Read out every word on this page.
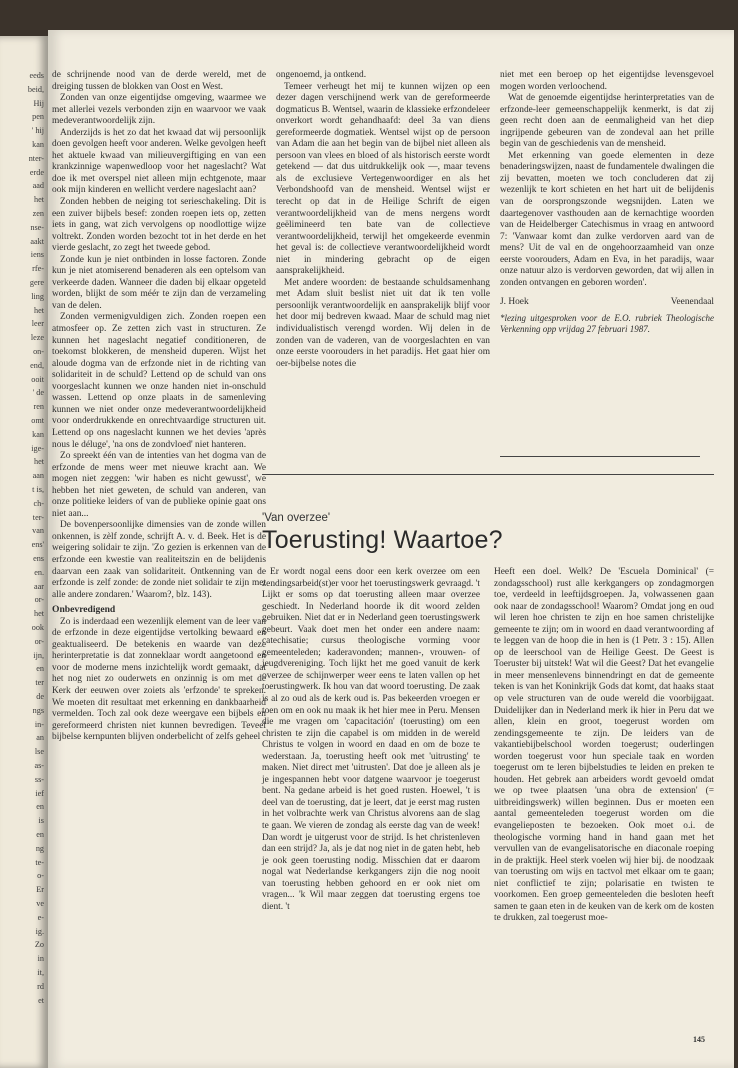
eeds
beid,
Hij
pen
' hij
kan
nter-
erde
aad
het
zen
nse-
aakt
iens
rfe-
gere
ling
het
leer
leze
on-
end,
ooit
' de
ren
omt
kan
ige-
het
aan
t is,
ch-
ter-
van
ens'
ens
en.
aar
or-
het
ook
or-
ijn,
en
ter
de
ngs
in-
an
lse
as-
ss-
ief
en
is
en
ng
te-
o-
Er
ve
e-
ig.
Zo
in
it,
rd
et

de schrijnende nood van de derde wereld, met de dreiging tussen de blokken van Oost en West.

Zonden van onze eigentijdse omgeving, waarmee we met allerlei vezels verbonden zijn en waarvoor we vaak medeverantwoordelijk zijn.

Anderzijds is het zo dat het kwaad dat wij persoonlijk doen gevolgen heeft voor anderen. Welke gevolgen heeft het aktuele kwaad van milieuvergiftiging en van een krankzinnige wapenwedloop voor het nageslacht? Wat doe ik met overspel niet alleen mijn echtgenote, maar ook mijn kinderen en wellicht verdere nageslacht aan?

Zonden hebben de neiging tot serieschakeling. Dit is een zuiver bijbels besef: zonden roepen iets op, zetten iets in gang, wat zich vervolgens op noodlottige wijze voltrekt. Zonden worden bezocht tot in het derde en het vierde geslacht, zo zegt het tweede gebod.

Zonde kun je niet ontbinden in losse factoren. Zonde kun je niet atomiserend benaderen als een optelsom van verkeerde daden. Wanneer die daden bij elkaar opgeteld worden, blijkt de som méér te zijn dan de verzameling van de delen.

Zonden vermenigvuldigen zich. Zonden roepen een atmosfeer op. Ze zetten zich vast in structuren. Ze kunnen het nageslacht negatief conditioneren, de toekomst blokkeren, de mensheid duperen. Wijst het aloude dogma van de erfzonde niet in de richting van solidariteit in de schuld? Lettend op de schuld van ons voorgeslacht kunnen we onze handen niet in-onschuld wassen. Lettend op onze plaats in de samenleving kunnen we niet onder onze medeverantwoordelijkheid voor onderdrukkende en onrechtvaardige structuren uit. Lettend op ons nageslacht kunnen we het devies 'après nous le déluge', 'na ons de zondvloed' niet hanteren.

Zo spreekt één van de intenties van het dogma van de erfzonde de mens weer met nieuwe kracht aan. We mogen niet zeggen: 'wir haben es nicht gewusst', we hebben het niet geweten, de schuld van anderen, van onze politieke leiders of van de publieke opinie gaat ons niet aan...

De bovenpersoonlijke dimensies van de zonde willen onkennen, is zèlf zonde, schrijft A. v. d. Beek. Het is de weigering solidair te zijn. 'Zo gezien is erkennen van de erfzonde een kwestie van realiteitszin en de belijdenis daarvan een zaak van solidariteit. Ontkenning van de erfzonde is zelf zonde: de zonde niet solidair te zijn met alle andere zondaren.' Waarom?, blz. 143).

Onbevredigend

Zo is inderdaad een wezenlijk element van de leer van de erfzonde in deze eigentijdse vertolking bewaard en geaktualiseerd. De betekenis en waarde van deze herinterpretatie is dat zonneklaar wordt aangetoond en voor de moderne mens inzichtelijk wordt gemaakt, dat het nog niet zo ouderwets en onzinnig is om met de Kerk der eeuwen over zoiets als 'erfzonde' te spreken. We moeten dit resultaat met erkenning en dankbaarheid vermelden. Toch zal ook deze weergave een bijbels en gereformeerd christen niet kunnen bevredigen. Teveel bijbelse kernpunten blijven onderbelicht of zelfs geheel

ongenoemd, ja ontkend.

Temeer verheugt het mij te kunnen wijzen op een dezer dagen verschijnend werk van de gereformeerde dogmaticus B. Wentsel, waarin de klassieke erfzondeleer onverkort wordt gehandhaafd: deel 3a van diens gereformeerde dogmatiek. Wentsel wijst op de persoon van Adam die aan het begin van de bijbel niet alleen als persoon van vlees en bloed of als historisch eerste wordt getekend — dat dus uitdrukkelijk ook —, maar tevens als de exclusieve Vertegenwoordiger en als het Verbondshoofd van de mensheid. Wentsel wijst er terecht op dat in de Heilige Schrift de eigen verantwoordelijkheid van de mens nergens wordt geëlimineerd ten bate van de collectieve verantwoordelijkheid, terwijl het omgekeerde evenmin het geval is: de collectieve verantwoordelijkheid wordt niet in mindering gebracht op de eigen aansprakelijkheid.

Met andere woorden: de bestaande schuldsamenhang met Adam sluit beslist niet uit dat ik ten volle persoonlijk verantwoordelijk en aansprakelijk blijf voor het door mij bedreven kwaad. Maar de schuld mag niet individualistisch verengd worden. Wij delen in de zonden van de vaderen, van de voorgeslachten en van onze eerste voorouders in het paradijs. Het gaat hier om oer-bijbelse notes die

niet met een beroep op het eigentijdse levensgevoel mogen worden verloochend.

Wat de genoemde eigentijdse herinterpretaties van de erfzonde-leer gemeenschappelijk kenmerkt, is dat zij geen recht doen aan de eenmaligheid van het diep ingrijpende gebeuren van de zondeval aan het prille begin van de geschiedenis van de mensheid.

Met erkenning van goede elementen in deze benaderingswijzen, naast de fundamentele dwalingen die zij bevatten, moeten we toch concluderen dat zij wezenlijk te kort schieten en het hart uit de belijdenis van de oorsprongszonde wegsnijden. Laten we daartegenover vasthouden aan de kernachtige woorden van de Heidelberger Catechismus in vraag en antwoord 7: 'Vanwaar komt dan zulke verdorven aard van de mens? Uit de val en de ongehoorzaamheid van onze eerste voorouders, Adam en Eva, in het paradijs, waar onze natuur alzo is verdorven geworden, dat wij allen in zonden ontvangen en geboren worden'.

J. Hoek	Veenendaal
*lezing uitgesproken voor de E.O. rubriek Theologische Verkenning opp vrijdag 27 februari 1987.
'Van overzee'
Toerusting! Waartoe?

Er wordt nogal eens door een kerk overzee om een zendingsarbeid(st)er voor het toerustingswerk gevraagd. 't Lijkt er soms op dat toerusting alleen maar overzee geschiedt. In Nederland hoorde ik dit woord zelden gebruiken. Niet dat er in Nederland geen toerustingswerk gebeurt. Vaak doet men het onder een andere naam: catechisatie; cursus theologische vorming voor gemeenteleden; kaderavonden; mannen-, vrouwen- of jeugdvereniging. Toch lijkt het me goed vanuit de kerk overzee de schijnwerper weer eens te laten vallen op het toerustingwerk. Ik hou van dat woord toerusting. De zaak is al zo oud als de kerk oud is. Pas bekeerden vroegen er toen om en ook nu maak ik het hier mee in Peru. Mensen die me vragen om 'capacitación' (toerusting) om een christen te zijn die capabel is om midden in de wereld Christus te volgen in woord en daad en om de boze te wederstaan. Ja, toerusting heeft ook met 'uitrusting' te maken. Niet direct met 'uitrusten'. Dat doe je alleen als je je ingespannen hebt voor datgene waarvoor je toegerust bent. Na gedane arbeid is het goed rusten. Hoewel, 't is deel van de toerusting, dat je leert, dat je eerst mag rusten in het volbrachte werk van Christus alvorens aan de slag te gaan. We vieren de zondag als eerste dag van de week! Dan wordt je uitgerust voor de strijd. Is het christenleven dan een strijd? Ja, als je dat nog niet in de gaten hebt, heb je ook geen toerusting nodig. Misschien dat er daarom nogal wat Nederlandse kerkgangers zijn die nog nooit van toerusting hebben gehoord en er ook niet om vragen... 'k Wil maar zeggen dat toerusting ergens toe dient. 't

Heeft een doel. Welk? De 'Escuela Dominical' (= zondagsschool) rust alle kerkgangers op zondagmorgen toe, verdeeld in leeftijdsgroepen. Ja, volwassenen gaan ook naar de zondagsschool! Waarom? Omdat jong en oud wil leren hoe christen te zijn en hoe samen christelijke gemeente te zijn; om in woord en daad verantwoording af te leggen van de hoop die in hen is (1 Petr. 3 : 15). Allen op de leerschool van de Heilige Geest. De Geest is Toeruster bij uitstek! Wat wil die Geest? Dat het evangelie in meer mensenlevens binnendringt en dat de gemeente teken is van het Koninkrijk Gods dat komt, dat haaks staat op vele structuren van de oude wereld die voorbijgaat. Duidelijker dan in Nederland merk ik hier in Peru dat we allen, klein en groot, toegerust worden om zendingsgemeente te zijn. De leiders van de vakantiebijbelschool worden toegerust; ouderlingen worden toegerust voor hun speciale taak en worden toegerust om te leren bijbelstudies te leiden en preken te houden. Het gebrek aan arbeiders wordt gevoeld omdat we op twee plaatsen 'una obra de extension' (= uitbreidingswerk) willen beginnen. Dus er moeten een aantal gemeenteleden toegerust worden om die evangelieposten te bezoeken. Ook moet o.i. de theologische vorming hand in hand gaan met het vervullen van de evangelisatorische en diaconale roeping in de praktijk. Heel sterk voelen wij hier bij. de noodzaak van toerusting om wijs en tactvol met elkaar om te gaan; niet conflictief te zijn; polarisatie en twisten te voorkomen. Een groep gemeenteleden die besloten heeft samen te gaan eten in de keuken van de kerk om de kosten te drukken, zal toegerust moe-

145
